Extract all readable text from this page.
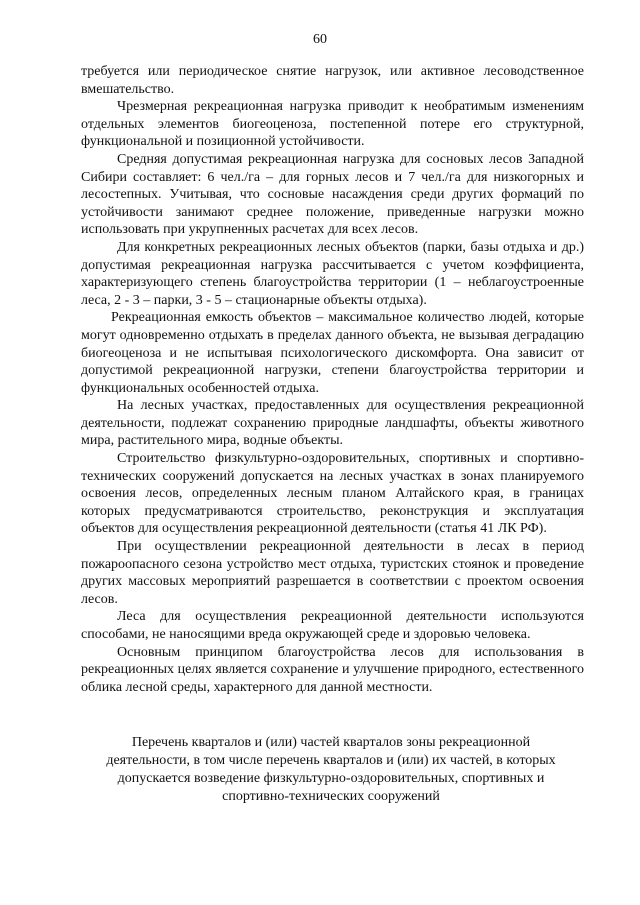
60

требуется или периодическое снятие нагрузок, или активное лесоводственное вмешательство.

Чрезмерная рекреационная нагрузка приводит к необратимым изменениям отдельных элементов биогеоценоза, постепенной потере его структурной, функциональной и позиционной устойчивости.

Средняя допустимая рекреационная нагрузка для сосновых лесов Западной Сибири составляет: 6 чел./га – для горных лесов и 7 чел./га для низкогорных и лесостепных. Учитывая, что сосновые насаждения среди других формаций по устойчивости занимают среднее положение, приведенные нагрузки можно использовать при укрупненных расчетах для всех лесов.

Для конкретных рекреационных лесных объектов (парки, базы отдыха и др.) допустимая рекреационная нагрузка рассчитывается с учетом коэффициента, характеризующего степень благоустройства территории (1 – неблагоустроенные леса, 2 - 3 – парки, 3 - 5 – стационарные объекты отдыха).

Рекреационная емкость объектов – максимальное количество людей, которые могут одновременно отдыхать в пределах данного объекта, не вызывая деградацию биогеоценоза и не испытывая психологического дискомфорта. Она зависит от допустимой рекреационной нагрузки, степени благоустройства территории и функциональных особенностей отдыха.

На лесных участках, предоставленных для осуществления рекреационной деятельности, подлежат сохранению природные ландшафты, объекты животного мира, растительного мира, водные объекты.

Строительство физкультурно-оздоровительных, спортивных и спортивно-технических сооружений допускается на лесных участках в зонах планируемого освоения лесов, определенных лесным планом Алтайского края, в границах которых предусматриваются строительство, реконструкция и эксплуатация объектов для осуществления рекреационной деятельности (статья 41 ЛК РФ).

При осуществлении рекреационной деятельности в лесах в период пожароопасного сезона устройство мест отдыха, туристских стоянок и проведение других массовых мероприятий разрешается в соответствии с проектом освоения лесов.

Леса для осуществления рекреационной деятельности используются способами, не наносящими вреда окружающей среде и здоровью человека.

Основным принципом благоустройства лесов для использования в рекреационных целях является сохранение и улучшение природного, естественного облика лесной среды, характерного для данной местности.

Перечень кварталов и (или) частей кварталов зоны рекреационной деятельности, в том числе перечень кварталов и (или) их частей, в которых допускается возведение физкультурно-оздоровительных, спортивных и спортивно-технических сооружений
